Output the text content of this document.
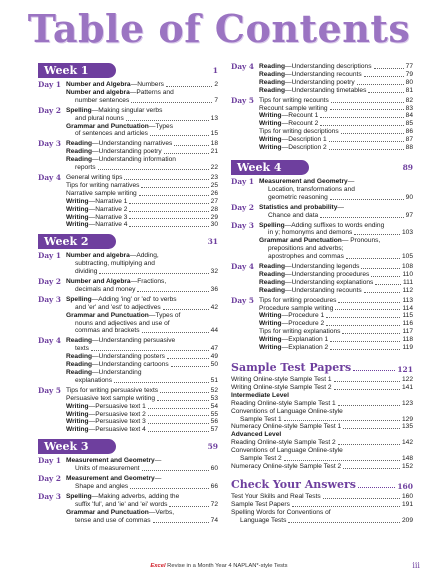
Table of Contents
Week 1	1
Day 1 Number and Algebra—Numbers	2
Number and algebra—Patterns and
number sentences	7
Day 2 Spelling—Making singular verbs
and plural nouns	13
Grammar and Punctuation—Types
of sentences and articles	15
Day 3 Reading—Understanding narratives	18
Reading—Understanding poetry	21
Reading—Understanding information
reports	22
Day 4 General writing tips	23
Tips for writing narratives	25
Narrative sample writing	26
Writing—Narrative 1	27
Writing—Narrative 2	28
Writing—Narrative 3	29
Writing—Narrative 4	30
Week 2	31
Day 1 Number and algebra—Adding,
subtracting, multiplying and
dividing	32
Day 2 Number and Algebra—Fractions,
decimals and money	36
Day 3 Spelling—Adding 'ing' or 'ed' to verbs
and 'er' and 'est' to adjectives	42
Grammar and Punctuation—Types of
nouns and adjectives and use of
commas and brackets	44
Day 4 Reading—Understanding persuasive
texts	47
Reading—Understanding posters	49
Reading—Understanding cartoons	50
Reading—Understanding
explanations	51
Day 5 Tips for writing persuasive texts	52
Persuasive text sample writing	53
Writing—Persuasive text 1	54
Writing—Persuasive text 2	55
Writing—Persuasive text 3	56
Writing—Persuasive text 4	57
Week 3	59
Day 1 Measurement and Geometry—
Units of measurement	60
Day 2 Measurement and Geometry—
Shape and angles	66
Day 3 Spelling—Making adverbs, adding the
suffix 'ful', and 'ie' and 'ei' words	72
Grammar and Punctuation—Verbs,
tense and use of commas	74
Day 4 Reading—Understanding descriptions	77
Reading—Understanding recounts	79
Reading—Understanding poetry	80
Reading—Understanding timetables	81
Day 5 Tips for writing recounts	82
Recount sample writing	83
Writing—Recount 1	84
Writing—Recount 2	85
Tips for writing descriptions	86
Writing—Description 1	87
Writing—Description 2	88
Week 4	89
Day 1 Measurement and Geometry—
Location, transformations and
geometric reasoning	90
Day 2 Statistics and probability—
Chance and data	97
Day 3 Spelling—Adding suffixes to words ending
in y; homonyms and demons	103
Grammar and Punctuation— Pronouns,
prepositions and adverbs;
apostrophes and commas	105
Day 4 Reading—Understanding legends	108
Reading—Understanding procedures	110
Reading—Understanding explanations	111
Reading—Understanding recounts	112
Day 5 Tips for writing procedures	113
Procedure sample writing	114
Writing—Procedure 1	115
Writing—Procedure 2	116
Tips for writing explanations	117
Writing—Explanation 1	118
Writing—Explanation 2	119
Sample Test Papers	121
Writing Online-style Sample Test 1	122
Writing Online-style Sample Test 2	141
Intermediate Level
Reading Online-style Sample Test 1	123
Conventions of Language Online-style
Sample Test 1	129
Numeracy Online-style Sample Test 1	135
Advanced Level
Reading Online-style Sample Test 2	142
Conventions of Language Online-style
Sample Test 2	148
Numeracy Online-style Sample Test 2	152
Check Your Answers	160
Test Your Skills and Real Tests	160
Sample Test Papers	191
Spelling Words for Conventions of
Language Tests	209
Excel Revise in a Month Year 4 NAPLAN*-style Tests	iii
